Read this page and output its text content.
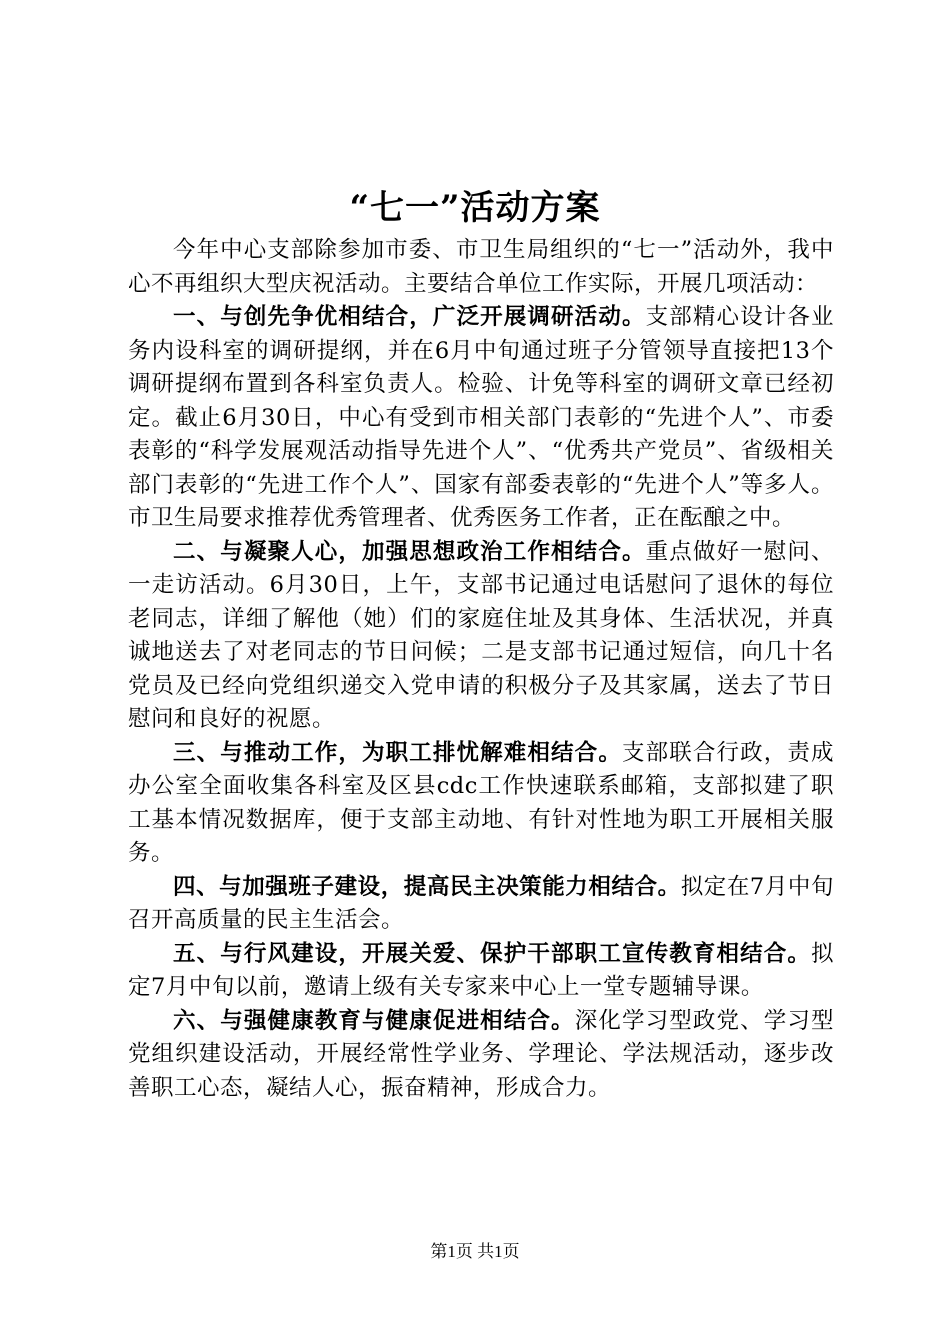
“七一”活动方案

今年中心支部除参加市委、市卫生局组织的“七一”活动外，我中心不再组织大型庆祝活动。主要结合单位工作实际，开展几项活动：

一、与创先争优相结合，广泛开展调研活动。支部精心设计各业务内设科室的调研提纲，并在6月中旬通过班子分管领导直接把13个调研提纲布置到各科室负责人。检验、计免等科室的调研文章已经初定。截止6月30日，中心有受到市相关部门表彰的“先进个人”、市委表彰的“科学发展观活动指导先进个人”、“优秀共产党员”、省级相关部门表彰的“先进工作个人”、国家有部委表彰的“先进个人”等多人。市卫生局要求推荐优秀管理者、优秀医务工作者，正在酝酿之中。

二、与凝聚人心，加强思想政治工作相结合。重点做好一慰问、一走访活动。6月30日，上午，支部书记通过电话慰问了退休的每位老同志，详细了解他（她）们的家庭住址及其身体、生活状况，并真诚地送去了对老同志的节日问候；二是支部书记通过短信，向几十名党员及已经向党组织递交入党申请的积极分子及其家属，送去了节日慰问和良好的祝愿。

三、与推动工作，为职工排忧解难相结合。支部联合行政，责成办公室全面收集各科室及区县cdc工作快速联系邮箱，支部拟建了职工基本情况数据库，便于支部主动地、有针对性地为职工开展相关服务。

四、与加强班子建设，提高民主决策能力相结合。拟定在7月中旬召开高质量的民主生活会。

五、与行风建设，开展关爱、保护干部职工宣传教育相结合。拟定7月中旬以前，邀请上级有关专家来中心上一堂专题辅导课。

六、与强健康教育与健康促进相结合。深化学习型政党、学习型党组织建设活动，开展经常性学业务、学理论、学法规活动，逐步改善职工心态，凝结人心，振奋精神，形成合力。

第1页 共1页
